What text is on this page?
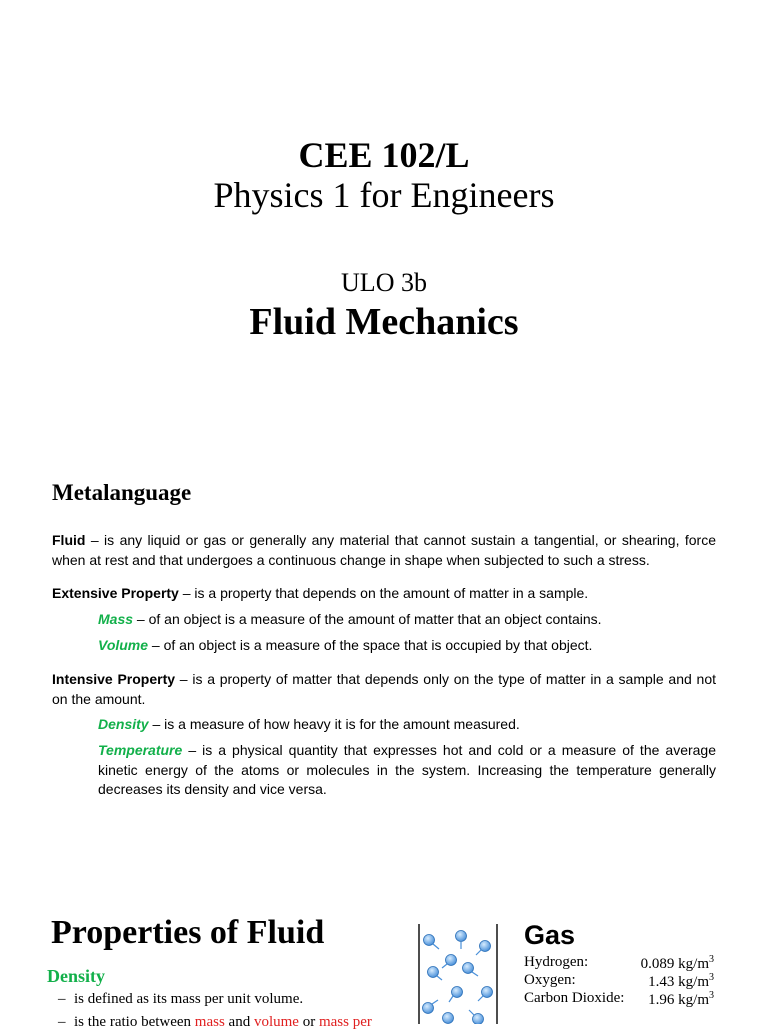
CEE 102/L
Physics 1 for Engineers
ULO 3b
Fluid Mechanics
Metalanguage
Fluid – is any liquid or gas or generally any material that cannot sustain a tangential, or shearing, force when at rest and that undergoes a continuous change in shape when subjected to such a stress.
Extensive Property – is a property that depends on the amount of matter in a sample.
Mass – of an object is a measure of the amount of matter that an object contains.
Volume – of an object is a measure of the space that is occupied by that object.
Intensive Property – is a property of matter that depends only on the type of matter in a sample and not on the amount.
Density – is a measure of how heavy it is for the amount measured.
Temperature – is a physical quantity that expresses hot and cold or a measure of the average kinetic energy of the atoms or molecules in the system. Increasing the temperature generally decreases its density and vice versa.
Properties of Fluid
Density
– is defined as its mass per unit volume.
– is the ratio between mass and volume or mass per
Gas
Hydrogen:	0.089 $kg/m^3$
Oxygen:	1.43 $kg/m^3$
Carbon Dioxide: 1.96 $kg/m^3$
